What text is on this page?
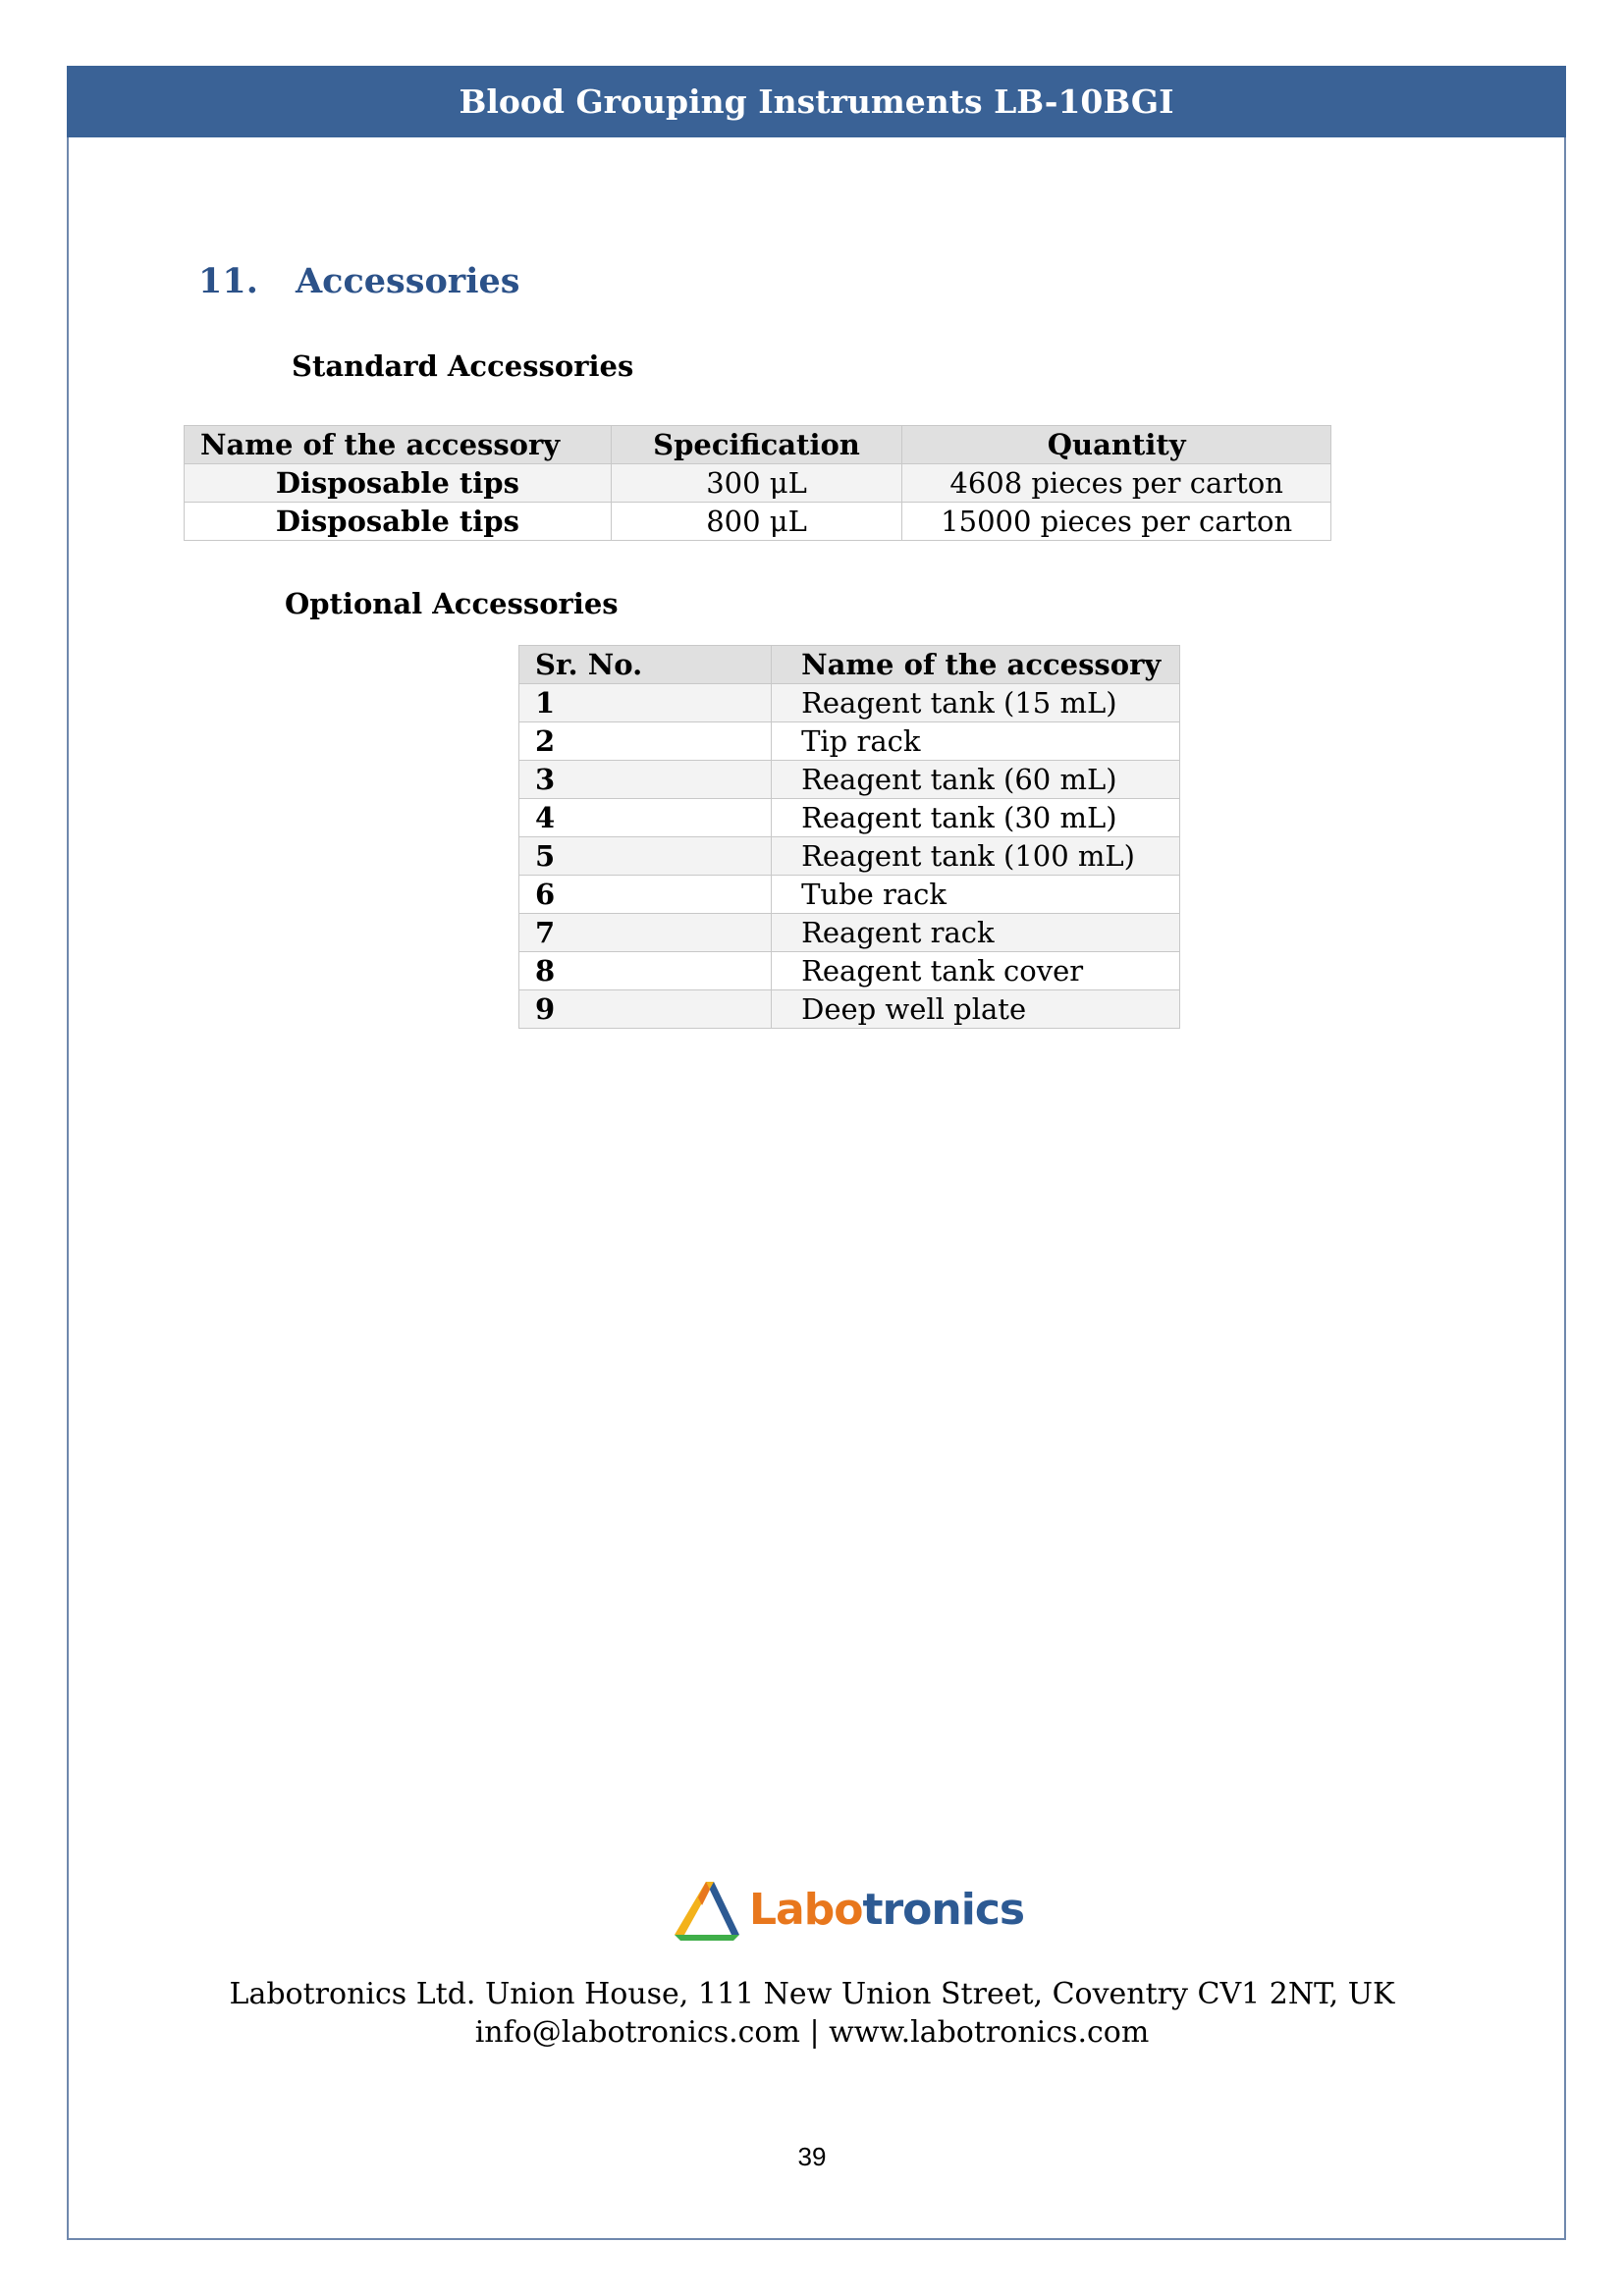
Blood Grouping Instruments LB-10BGI
11.	Accessories
Standard Accessories
Name of the accessory	Specification	Quantity
Disposable tips	300 μL	4608 pieces per carton
Disposable tips	800 μL	15000 pieces per carton
Optional Accessories
Sr. No.	Name of the accessory
1	Reagent tank (15 mL)
2	Tip rack
3	Reagent tank (60 mL)
4	Reagent tank (30 mL)
5	Reagent tank (100 mL)
6	Tube rack
7	Reagent rack
8	Reagent tank cover
9	Deep well plate
Labotronics
Labotronics Ltd. Union House, 111 New Union Street, Coventry CV1 2NT, UK
info@labotronics.com | www.labotronics.com
39
